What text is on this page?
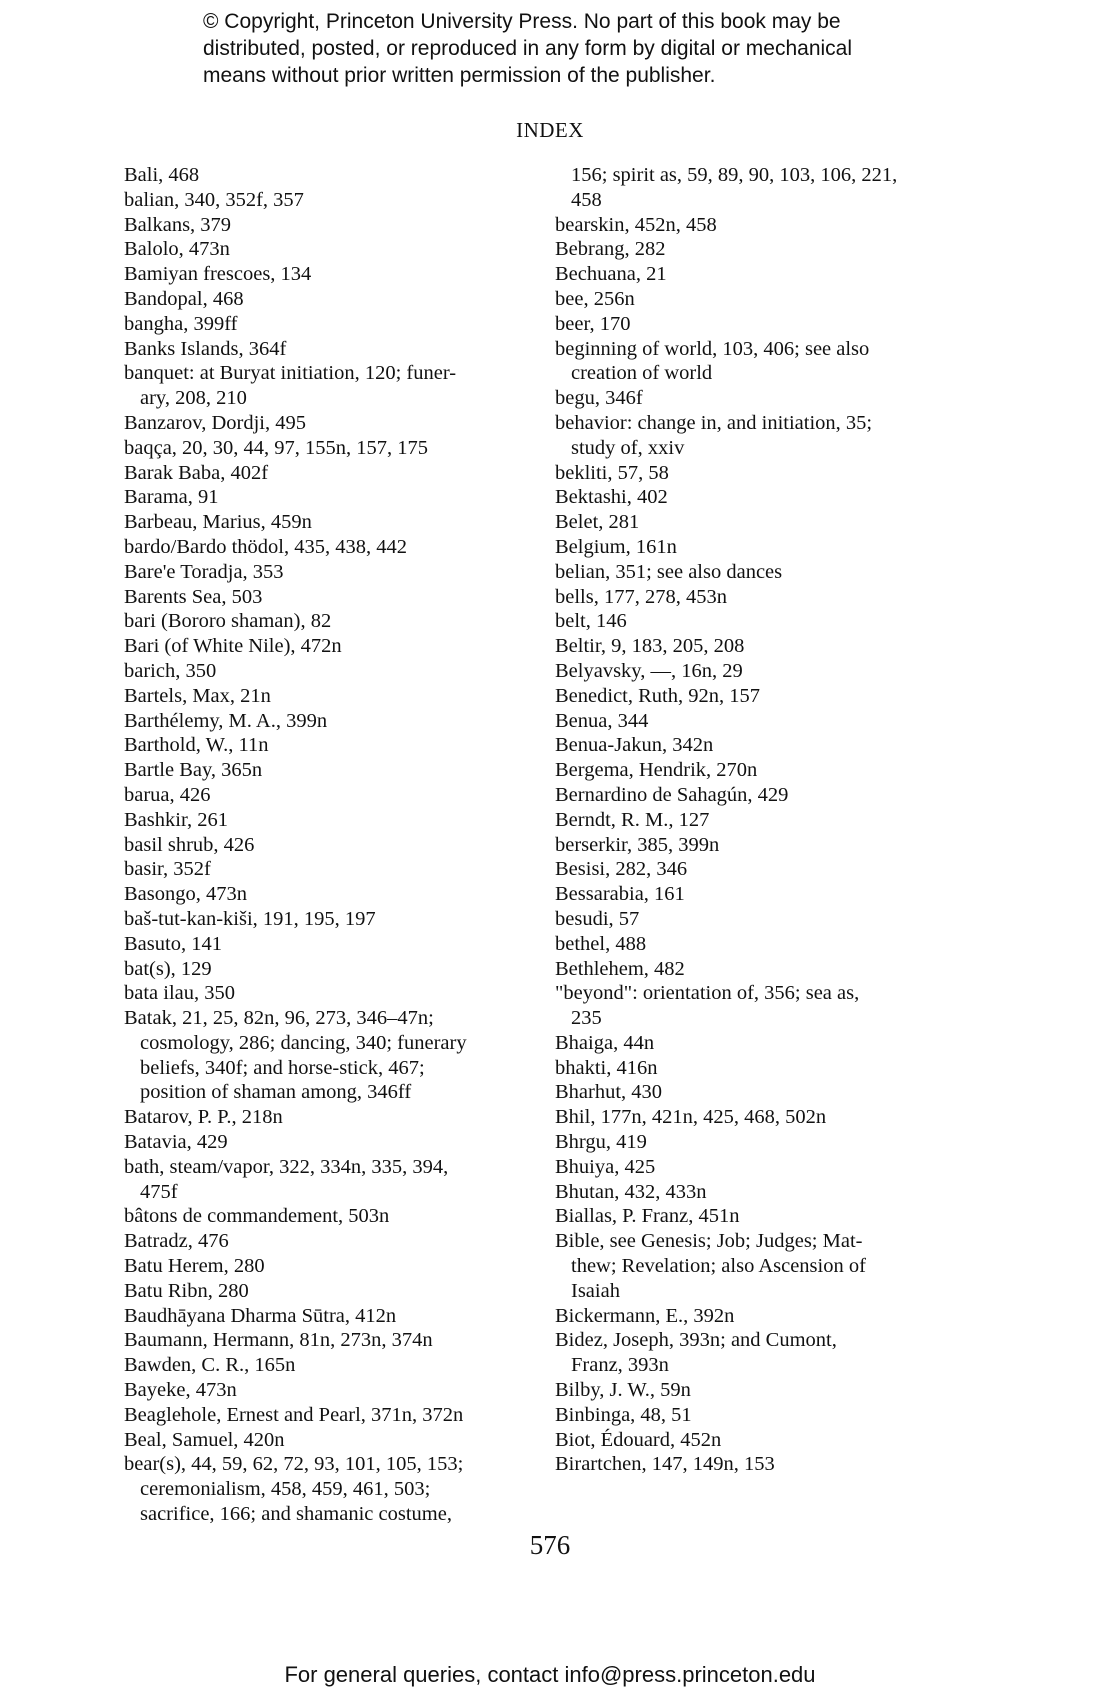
© Copyright, Princeton University Press. No part of this book may be
distributed, posted, or reproduced in any form by digital or mechanical
means without prior written permission of the publisher.
INDEX
Bali, 468
balian, 340, 352f, 357
Balkans, 379
Balolo, 473n
Bamiyan frescoes, 134
Bandopal, 468
bangha, 399ff
Banks Islands, 364f
banquet: at Buryat initiation, 120; funer-
ary, 208, 210
Banzarov, Dordji, 495
baqça, 20, 30, 44, 97, 155n, 157, 175
Barak Baba, 402f
Barama, 91
Barbeau, Marius, 459n
bardo/Bardo thödol, 435, 438, 442
Bare'e Toradja, 353
Barents Sea, 503
bari (Bororo shaman), 82
Bari (of White Nile), 472n
barich, 350
Bartels, Max, 21n
Barthélemy, M. A., 399n
Barthold, W., 11n
Bartle Bay, 365n
barua, 426
Bashkir, 261
basil shrub, 426
basir, 352f
Basongo, 473n
baš-tut-kan-kiši, 191, 195, 197
Basuto, 141
bat(s), 129
bata ilau, 350
Batak, 21, 25, 82n, 96, 273, 346–47n;
cosmology, 286; dancing, 340; funerary
beliefs, 340f; and horse-stick, 467;
position of shaman among, 346ff
Batarov, P. P., 218n
Batavia, 429
bath, steam/vapor, 322, 334n, 335, 394,
475f
bâtons de commandement, 503n
Batradz, 476
Batu Herem, 280
Batu Ribn, 280
Baudhāyana Dharma Sūtra, 412n
Baumann, Hermann, 81n, 273n, 374n
Bawden, C. R., 165n
Bayeke, 473n
Beaglehole, Ernest and Pearl, 371n, 372n
Beal, Samuel, 420n
bear(s), 44, 59, 62, 72, 93, 101, 105, 153;
ceremonialism, 458, 459, 461, 503;
sacrifice, 166; and shamanic costume,
156; spirit as, 59, 89, 90, 103, 106, 221,
458
bearskin, 452n, 458
Bebrang, 282
Bechuana, 21
bee, 256n
beer, 170
beginning of world, 103, 406; see also
creation of world
begu, 346f
behavior: change in, and initiation, 35;
study of, xxiv
bekliti, 57, 58
Bektashi, 402
Belet, 281
Belgium, 161n
belian, 351; see also dances
bells, 177, 278, 453n
belt, 146
Beltir, 9, 183, 205, 208
Belyavsky, —, 16n, 29
Benedict, Ruth, 92n, 157
Benua, 344
Benua-Jakun, 342n
Bergema, Hendrik, 270n
Bernardino de Sahagún, 429
Berndt, R. M., 127
berserkir, 385, 399n
Besisi, 282, 346
Bessarabia, 161
besudi, 57
bethel, 488
Bethlehem, 482
"beyond": orientation of, 356; sea as,
235
Bhaiga, 44n
bhakti, 416n
Bharhut, 430
Bhil, 177n, 421n, 425, 468, 502n
Bhrgu, 419
Bhuiya, 425
Bhutan, 432, 433n
Biallas, P. Franz, 451n
Bible, see Genesis; Job; Judges; Mat-
thew; Revelation; also Ascension of
Isaiah
Bickermann, E., 392n
Bidez, Joseph, 393n; and Cumont,
Franz, 393n
Bilby, J. W., 59n
Binbinga, 48, 51
Biot, Édouard, 452n
Birartchen, 147, 149n, 153
576
For general queries, contact info@press.princeton.edu
